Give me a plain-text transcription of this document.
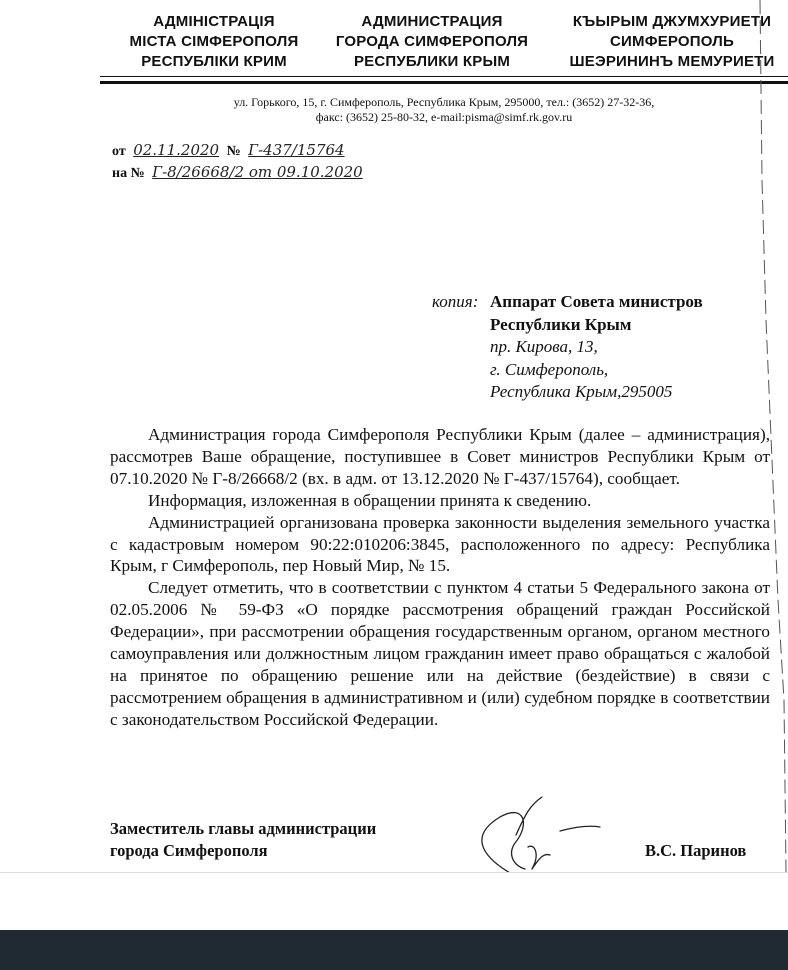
АДМІНІСТРАЦІЯ
МІСТА СІМФЕРОПОЛЯ
РЕСПУБЛІКИ КРИМ
АДМИНИСТРАЦИЯ
ГОРОДА СИМФЕРОПОЛЯ
РЕСПУБЛИКИ КРЫМ
КЪЫРЫМ ДЖУМХУРИЕТИ
СИМФЕРОПОЛЬ
ШЕЭРИНИНЪ МЕМУРИЕТИ
ул. Горького, 15, г. Симферополь, Республика Крым, 295000, тел.: (3652) 27-32-36,
факс: (3652) 25-80-32, e-mail:pisma@simf.rk.gov.ru
от 02.11.2020 № Г-437/15764
на № Г-8/26668/2 от 09.10.2020
копия: Аппарат Совета министров
Республики Крым
пр. Кирова, 13,
г. Симферополь,
Республика Крым,295005

Администрация города Симферополя Республики Крым (далее – администрация), рассмотрев Ваше обращение, поступившее в Совет министров Республики Крым от 07.10.2020 № Г-8/26668/2 (вх. в адм. от 13.12.2020 № Г-437/15764), сообщает.

Информация, изложенная в обращении принята к сведению.

Администрацией организована проверка законности выделения земельного участка с кадастровым номером 90:22:010206:3845, расположенного по адресу: Республика Крым, г Симферополь, пер Новый Мир, № 15.

Следует отметить, что в соответствии с пунктом 4 статьи 5 Федерального закона от 02.05.2006 № 59-ФЗ «О порядке рассмотрения обращений граждан Российской Федерации», при рассмотрении обращения государственным органом, органом местного самоуправления или должностным лицом гражданин имеет право обращаться с жалобой на принятое по обращению решение или на действие (бездействие) в связи с рассмотрением обращения в административном и (или) судебном порядке в соответствии с законодательством Российской Федерации.

Заместитель главы администрации
города Симферополя	В.С. Паринов
